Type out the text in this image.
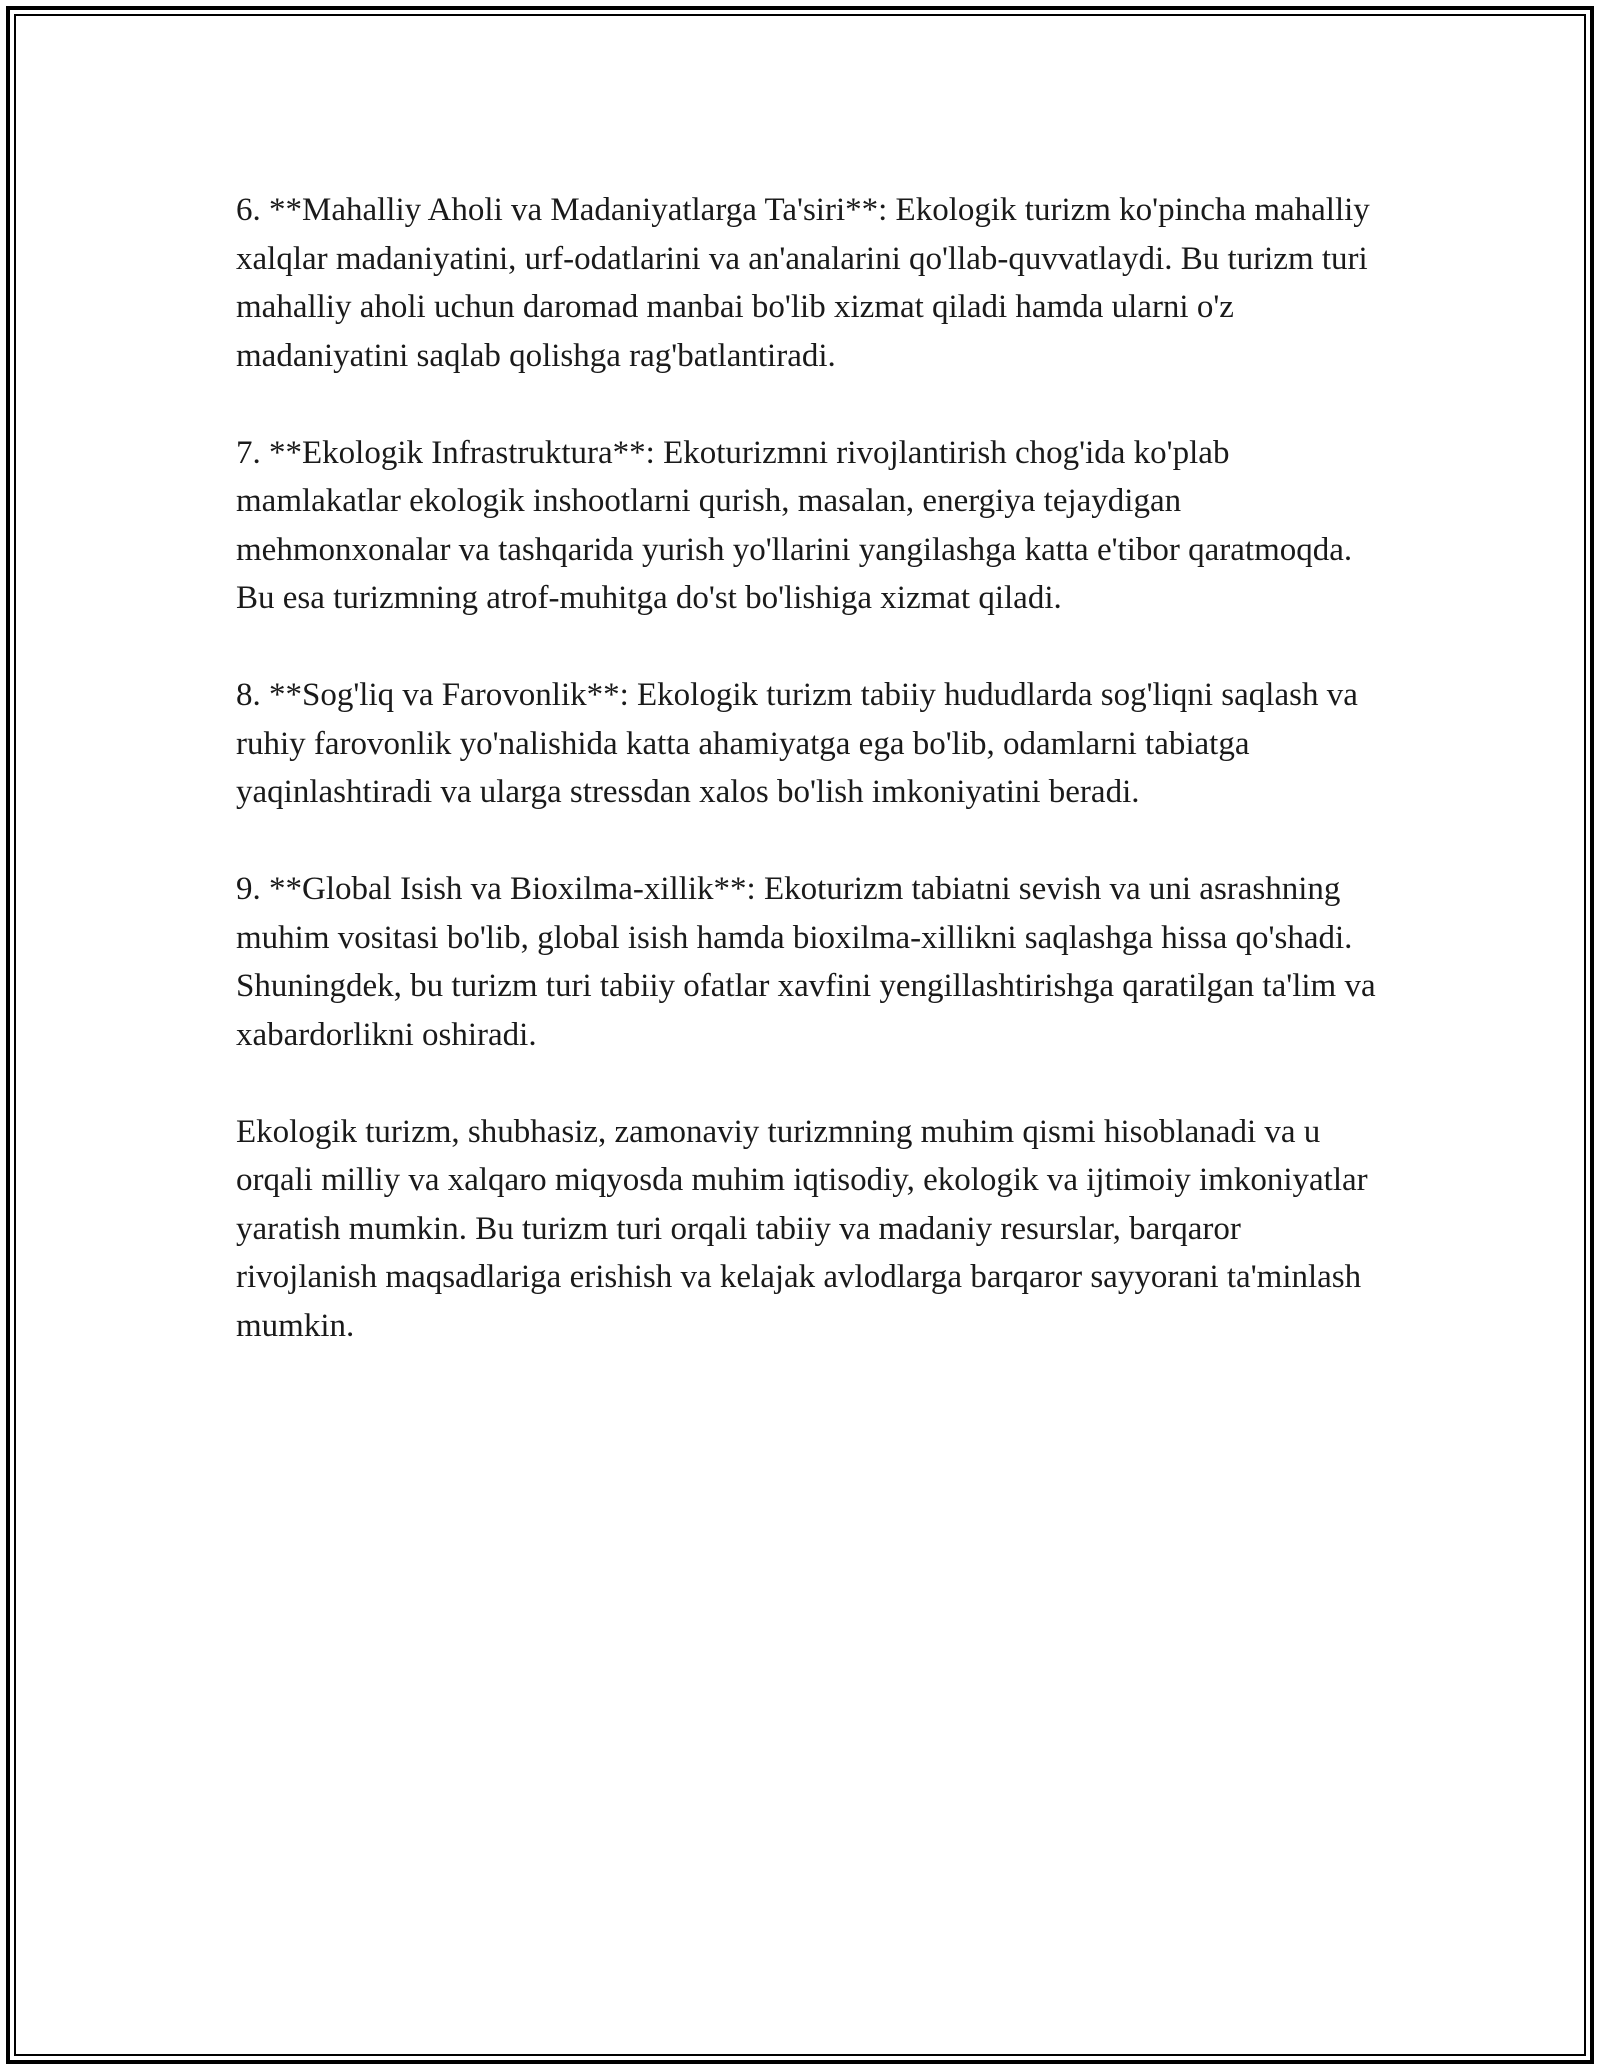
6. **Mahalliy Aholi va Madaniyatlarga Ta'siri**: Ekologik turizm ko'pincha mahalliy xalqlar madaniyatini, urf-odatlarini va an'analarini qo'llab-quvvatlaydi. Bu turizm turi mahalliy aholi uchun daromad manbai bo'lib xizmat qiladi hamda ularni o'z madaniyatini saqlab qolishga rag'batlantiradi.

7. **Ekologik Infrastruktura**: Ekoturizmni rivojlantirish chog'ida ko'plab mamlakatlar ekologik inshootlarni qurish, masalan, energiya tejaydigan mehmonxonalar va tashqarida yurish yo'llarini yangilashga katta e'tibor qaratmoqda. Bu esa turizmning atrof-muhitga do'st bo'lishiga xizmat qiladi.

8. **Sog'liq va Farovonlik**: Ekologik turizm tabiiy hududlarda sog'liqni saqlash va ruhiy farovonlik yo'nalishida katta ahamiyatga ega bo'lib, odamlarni tabiatga yaqinlashtiradi va ularga stressdan xalos bo'lish imkoniyatini beradi.

9. **Global Isish va Bioxilma-xillik**: Ekoturizm tabiatni sevish va uni asrashning muhim vositasi bo'lib, global isish hamda bioxilma-xillikni saqlashga hissa qo'shadi. Shuningdek, bu turizm turi tabiiy ofatlar xavfini yengillashtirishga qaratilgan ta'lim va xabardorlikni oshiradi.

Ekologik turizm, shubhasiz, zamonaviy turizmning muhim qismi hisoblanadi va u orqali milliy va xalqaro miqyosda muhim iqtisodiy, ekologik va ijtimoiy imkoniyatlar yaratish mumkin. Bu turizm turi orqali tabiiy va madaniy resurslar, barqaror rivojlanish maqsadlariga erishish va kelajak avlodlarga barqaror sayyorani ta'minlash mumkin.
